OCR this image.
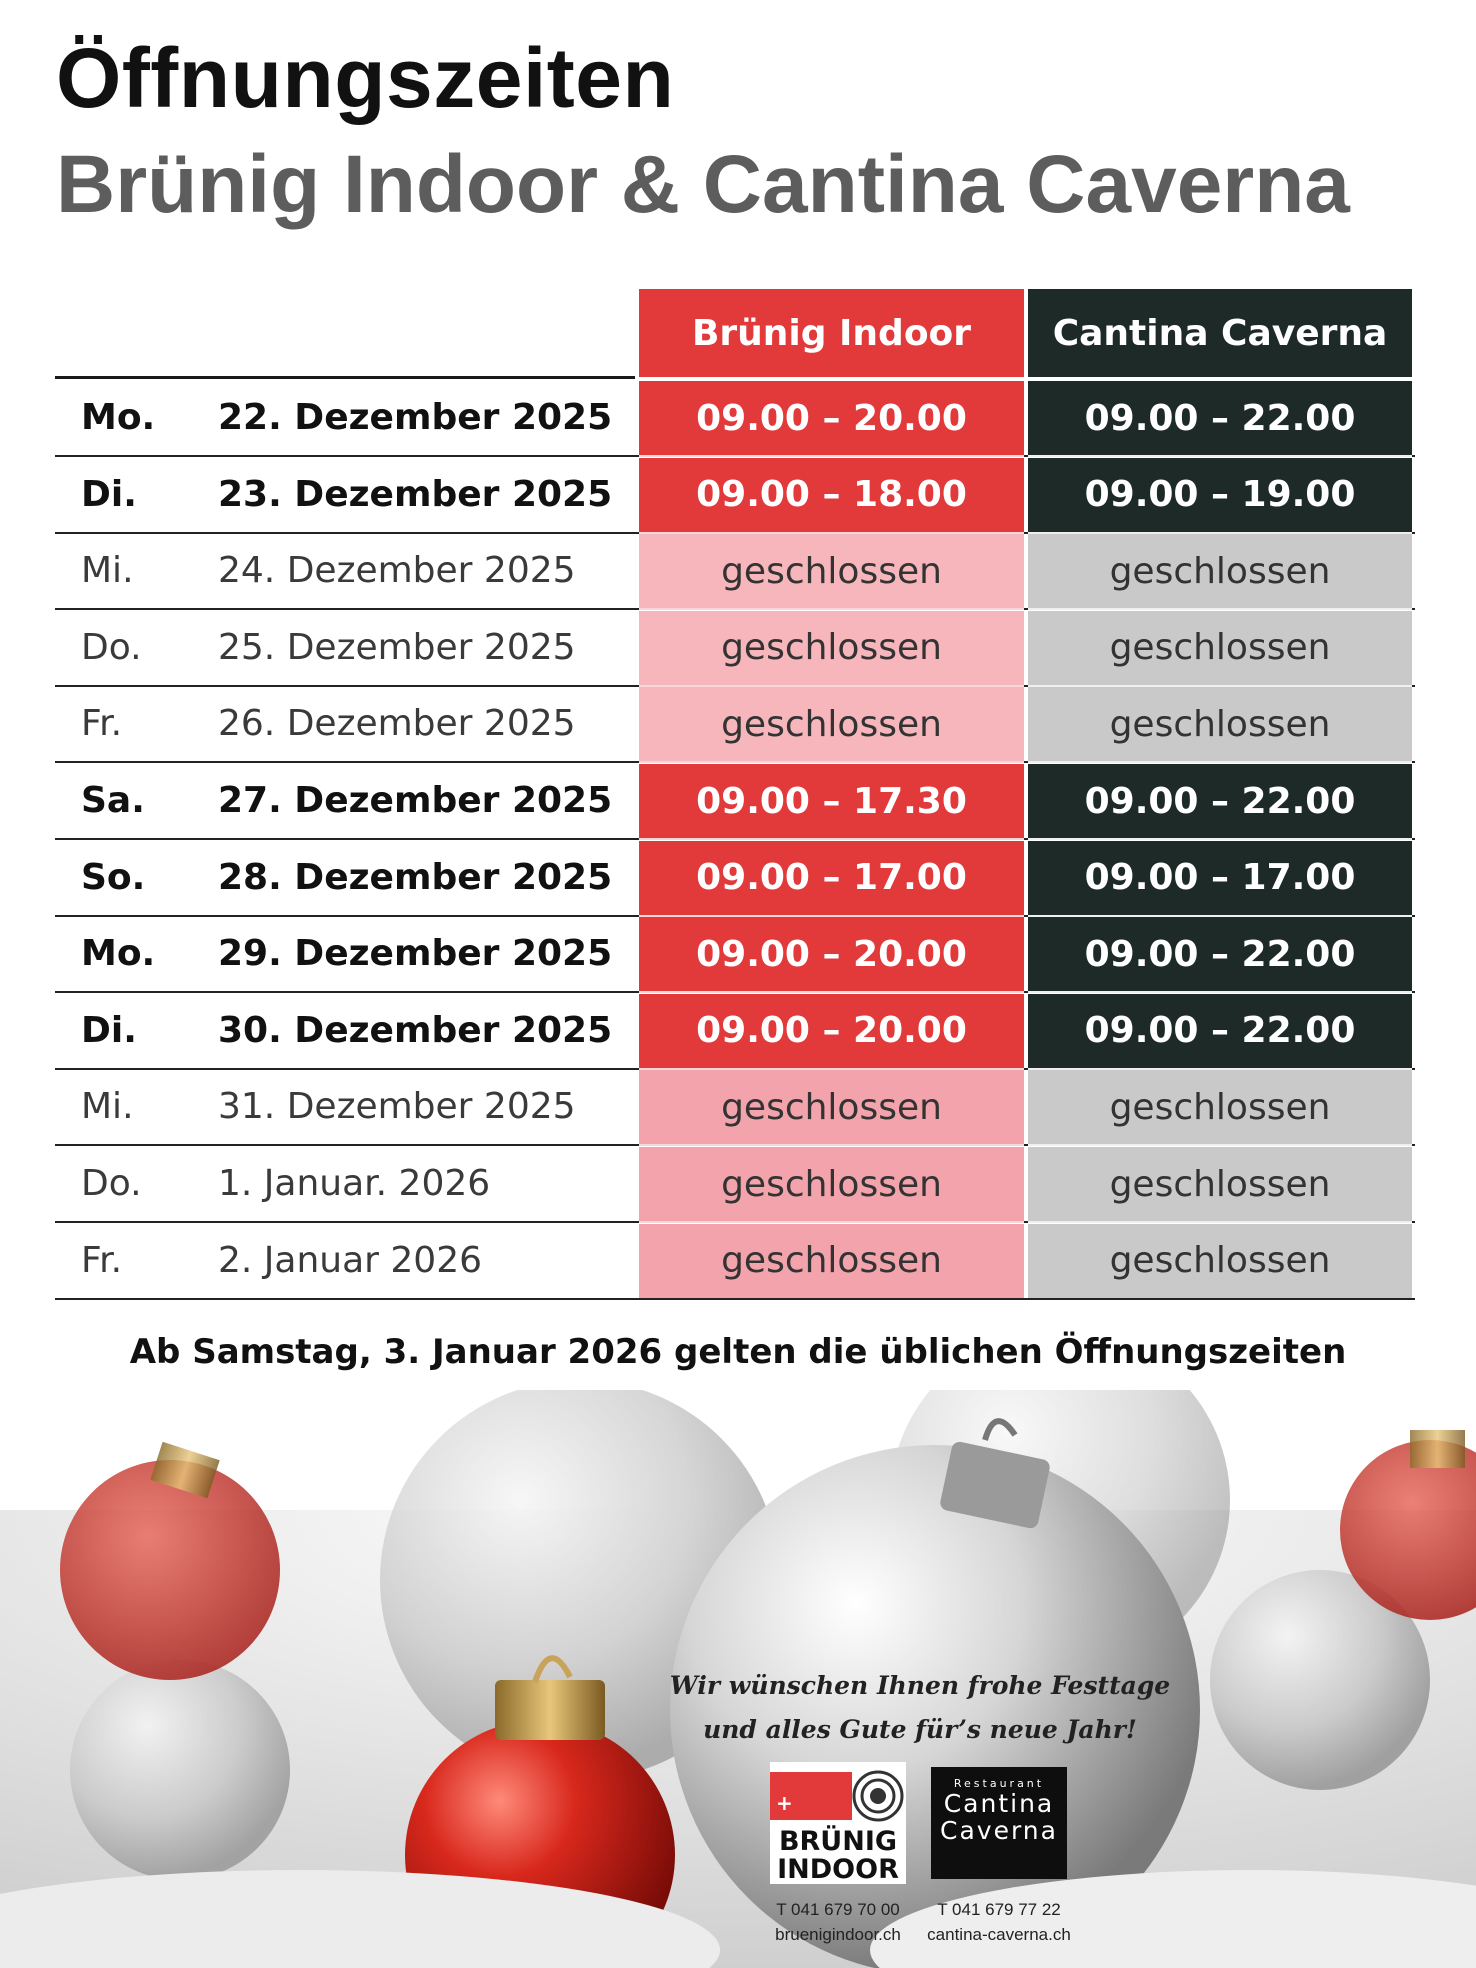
Öffnungszeiten
Brünig Indoor & Cantina Caverna
Brünig Indoor	Cantina Caverna
Mo. 22. Dezember 2025	09.00 – 20.00	09.00 – 22.00
Di. 23. Dezember 2025	09.00 – 18.00	09.00 – 19.00
Mi. 24. Dezember 2025	geschlossen	geschlossen
Do. 25. Dezember 2025	geschlossen	geschlossen
Fr.	26. Dezember 2025	geschlossen	geschlossen
Sa. 27. Dezember 2025	09.00 – 17.30	09.00 – 22.00
So. 28. Dezember 2025	09.00 – 17.00	09.00 – 17.00
Mo. 29. Dezember 2025	09.00 – 20.00	09.00 – 22.00
Di. 30. Dezember 2025	09.00 – 20.00	09.00 – 22.00
Mi. 31. Dezember 2025	geschlossen	geschlossen
Do. 1. Januar. 2026	geschlossen	geschlossen
Fr.	2. Januar 2026	geschlossen	geschlossen
Ab Samstag, 3. Januar 2026 gelten die üblichen Öffnungszeiten
Wir wünschen Ihnen frohe Festtage
und alles Gute für’s neue Jahr!
+
BRÜNIG
INDOOR
Restaurant
Cantina
Caverna
T 041 679 70 00
bruenigindoor.ch
T 041 679 77 22
cantina-caverna.ch
